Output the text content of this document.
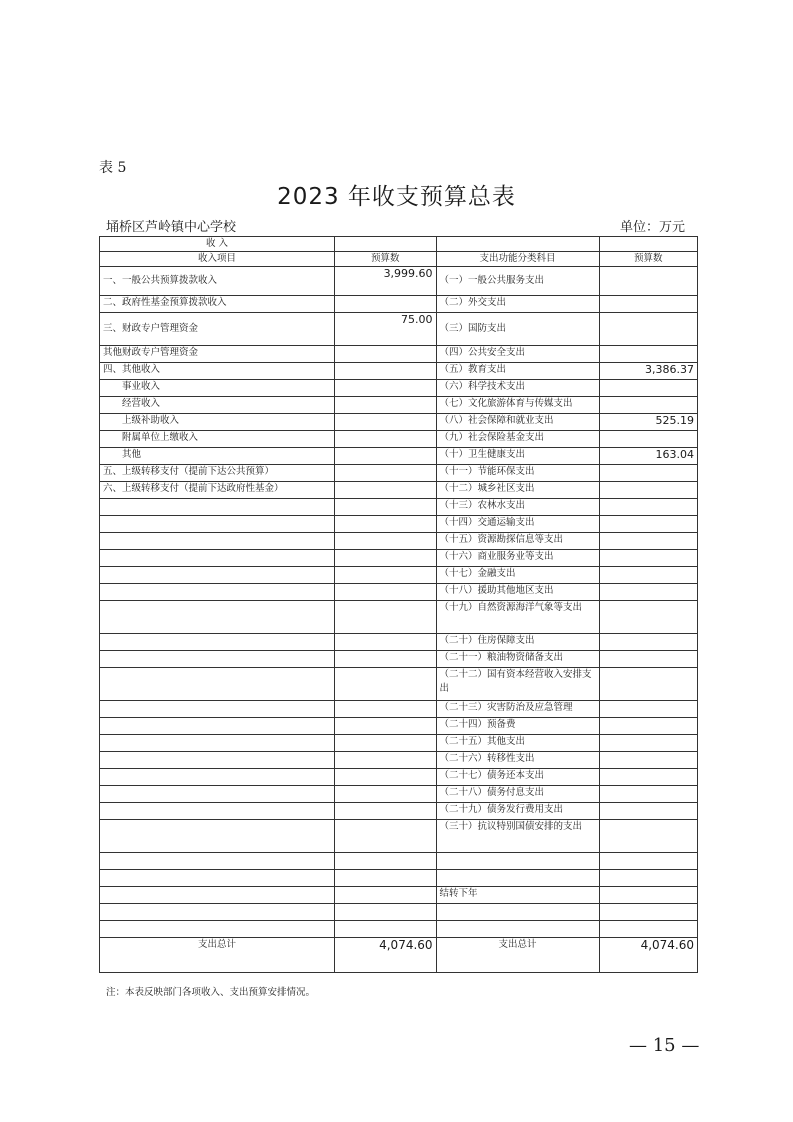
表 5
2023 年收支预算总表
埇桥区芦岭镇中心学校	单位：万元
收 入			
收入项目	预算数	支出功能分类科目	预算数
一、一般公共预算拨款收入	3,999.60	（一）一般公共服务支出	
二、政府性基金预算拨款收入		（二）外交支出	
三、财政专户管理资金	75.00	（三）国防支出	
其他财政专户管理资金		（四）公共安全支出	
四、其他收入		（五）教育支出	3,386.37
事业收入		（六）科学技术支出	
经营收入		（七）文化旅游体育与传媒支出	
上级补助收入		（八）社会保障和就业支出	525.19
附属单位上缴收入		（九）社会保险基金支出	
其他		（十）卫生健康支出	163.04
五、上级转移支付（提前下达公共预算）		（十一）节能环保支出	
六、上级转移支付（提前下达政府性基金）		（十二）城乡社区支出	
		（十三）农林水支出	
		（十四）交通运输支出	
		（十五）资源勘探信息等支出	
		（十六）商业服务业等支出	
		（十七）金融支出	
		（十八）援助其他地区支出	
		（十九）自然资源海洋气象等支出	
		（二十）住房保障支出	
		（二十一）粮油物资储备支出	
		（二十二）国有资本经营收入安排支出	
		（二十三）灾害防治及应急管理	
		（二十四）预备费	
		（二十五）其他支出	
		（二十六）转移性支出	
		（二十七）债务还本支出	
		（二十八）债务付息支出	
		（二十九）债务发行费用支出	
		（三十）抗议特别国债安排的支出	

		结转下年	

支出总计	4,074.60	支出总计	4,074.60
注：本表反映部门各项收入、支出预算安排情况。
— 15 —
